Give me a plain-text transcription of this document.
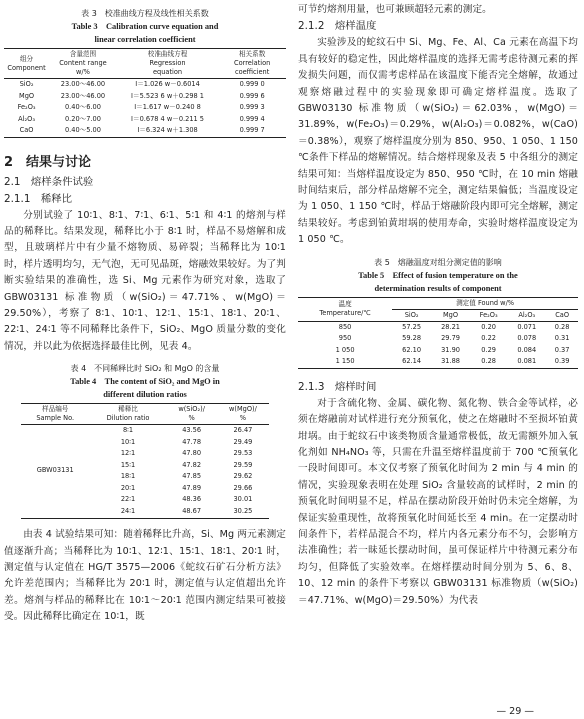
表 3　校准曲线方程及线性相关系数
Table 3　Calibration curve equation and
linear correlation coefficient
组分
Component	含量范围
Content range
w/%	校准曲线方程
Regression
equation	相关系数
Correlation
coefficient
SiO₂	23.00～46.00	I＝1.026 w－0.6014	0.999 0
MgO	23.00～46.00	I＝5.523 6 w＋0.298 1	0.999 6
Fe₂O₃	0.40～6.00	I＝1.617 w－0.240 8	0.999 3
Al₂O₃	0.20～7.00	I＝0.678 4 w－0.211 5	0.999 4
CaO	0.40～5.00	I＝6.324 w＋1.308	0.999 7
2　结果与讨论
2.1　熔样条件试验
2.1.1　稀释比

分别试验了 10∶1、8∶1、7∶1、6∶1、5∶1 和 4∶1 的熔剂与样品的稀释比。结果发现，稀释比小于 8∶1 时，样品不易熔解和成型，且玻璃样片中有少量不熔物质、易碎裂；当稀释比为 10∶1 时，样片透明均匀，无气泡，无可见晶斑，熔融效果较好。为了判断实验结果的准确性，选 Si、Mg 元素作为研究对象，选取了 GBW03131 标准物质（w(SiO₂)＝47.71%、w(MgO)＝29.50%），考察了 8∶1、10∶1、12∶1、15∶1、18∶1、20∶1、22∶1、24∶1 等不同稀释比条件下，SiO₂、MgO 质量分数的变化情况，并以此为依据选择最佳比例，见表 4。

表 4　不同稀释比时 SiO₂ 和 MgO 的含量
Table 4　The content of SiO₂ and MgO in
different dilution ratios
样品编号
Sample No.	稀释比
Dilution ratio	w(SiO₂)/
%	w(MgO)/
%
GBW03131	8∶1	43.56	26.47
	10∶1	47.78	29.49
	12∶1	47.80	29.53
	15∶1	47.82	29.59
	18∶1	47.85	29.62
	20∶1	47.89	29.66
	22∶1	48.36	30.01
	24∶1	48.67	30.25

由表 4 试验结果可知：随着稀释比升高，Si、Mg 两元素测定值逐渐升高；当稀释比为 10∶1、12∶1、15∶1、18∶1、20∶1 时，测定值与认定值在 HG/T 3575—2006《蛇纹石矿石分析方法》允许差范围内；当稀释比为 20∶1 时，测定值与认定值超出允许差。熔剂与样品的稀释比在 10∶1～20∶1 范围内测定结果可被接受。因此稀释比确定在 10∶1，既

可节约熔剂用量，也可兼顾超轻元素的测定。

2.1.2　熔样温度

实验涉及的蛇纹石中 Si、Mg、Fe、Al、Ca 元素在高温下均具有较好的稳定性，因此熔样温度的选择无需考虑待测元素的挥发损失问题，而仅需考虑样品在该温度下能否完全熔解，故通过观察熔融过程中的实验现象即可确定熔样温度。选取了 GBW03130 标准物质（w(SiO₂)＝62.03%，w(MgO)＝31.89%，w(Fe₂O₃)＝0.29%，w(Al₂O₃)＝0.082%，w(CaO)＝0.38%），观察了熔样温度分别为 850、950、1 050、1 150 ℃条件下样品的熔解情况。结合熔样现象及表 5 中各组分的测定结果可知：当熔样温度设定为 850、950 ℃时，在 10 min 熔融时间结束后，部分样品熔解不完全，测定结果偏低；当温度设定为 1 050、1 150 ℃时，样品于熔融阶段内即可完全熔解，测定结果较好。考虑到铂黄坩埚的使用寿命，实验时熔样温度设定为 1 050 ℃。

表 5　熔融温度对组分测定值的影响
Table 5　Effect of fusion temperature on the
determination results of component
温度
Temperature/℃	测定值 Found w/%				
	SiO₂	MgO	Fe₂O₃	Al₂O₃	CaO
850	57.25	28.21	0.20	0.071	0.28
950	59.28	29.79	0.22	0.078	0.31
1 050	62.10	31.90	0.29	0.084	0.37
1 150	62.14	31.88	0.28	0.081	0.39
2.1.3　熔样时间

对于含硫化物、金属、碳化物、氮化物、铁合金等试样，必须在熔融前对试样进行充分预氧化，使之在熔融时不至损坏铂黄坩埚。由于蛇纹石中该类物质含量通常极低，故无需额外加入氧化剂如 NH₄NO₃ 等，只需在升温至熔样温度前于 700 ℃预氧化一段时间即可。本文仅考察了预氧化时间为 2 min 与 4 min 的情况，实验现象表明在处理 SiO₂ 含量较高的试样时，2 min 的预氧化时间明显不足，样品在摆动阶段开始时仍未完全熔解，为保证实验重现性，故将预氧化时间延长至 4 min。在一定摆动时间条件下，若样品混合不均，样片内各元素分布不匀，会影响方法准确性；若一昧延长摆动时间，虽可保证样片中待测元素分布均匀，但降低了实验效率。在熔样摆动时间分别为 5、6、8、10、12 min 的条件下考察以 GBW03131 标准物质（w(SiO₂)＝47.71%、w(MgO)＝29.50%）为代表

— 29 —
